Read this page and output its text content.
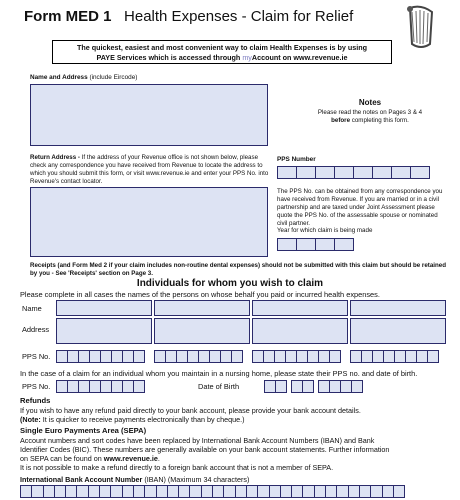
Form MED 1 Health Expenses - Claim for Relief
The quickest, easiest and most convenient way to claim Health Expenses is by using
PAYE Services which is accessed through myAccount on www.revenue.ie
Name and Address (include Eircode)
Notes
Please read the notes on Pages 3 & 4
before completing this form.
Return Address - If the address of your Revenue office is not shown below, please check any correspondence you have received from Revenue to locate the address to which you should submit this form, or visit www.revenue.ie and enter your PPS No. into Revenue's contact locator.
PPS Number
The PPS No. can be obtained from any correspondence you have received from Revenue. If you are married or in a civil partnership and are taxed under Joint Assessment please quote the PPS No. of the assessable spouse or nominated civil partner.
Year for which claim is being made
Receipts (and Form Med 2 if your claim includes non-routine dental expenses) should not be submitted with this claim but should be retained by you - See 'Receipts' section on Page 3.
Individuals for whom you wish to claim
Please complete in all cases the names of the persons on whose behalf you paid or incurred health expenses.
Name
Address
PPS No.
In the case of a claim for an individual whom you maintain in a nursing home, please state their PPS no. and date of birth.
PPS No.	Date of Birth
Refunds
If you wish to have any refund paid directly to your bank account, please provide your bank account details.
(Note: It is quicker to receive payments electronically than by cheque.)
Single Euro Payments Area (SEPA)
Account numbers and sort codes have been replaced by International Bank Account Numbers (IBAN) and Bank
Identifier Codes (BIC). These numbers are generally available on your bank account statements. Further information
on SEPA can be found on www.revenue.ie.
It is not possible to make a refund directly to a foreign bank account that is not a member of SEPA.
International Bank Account Number (IBAN) (Maximum 34 characters)
